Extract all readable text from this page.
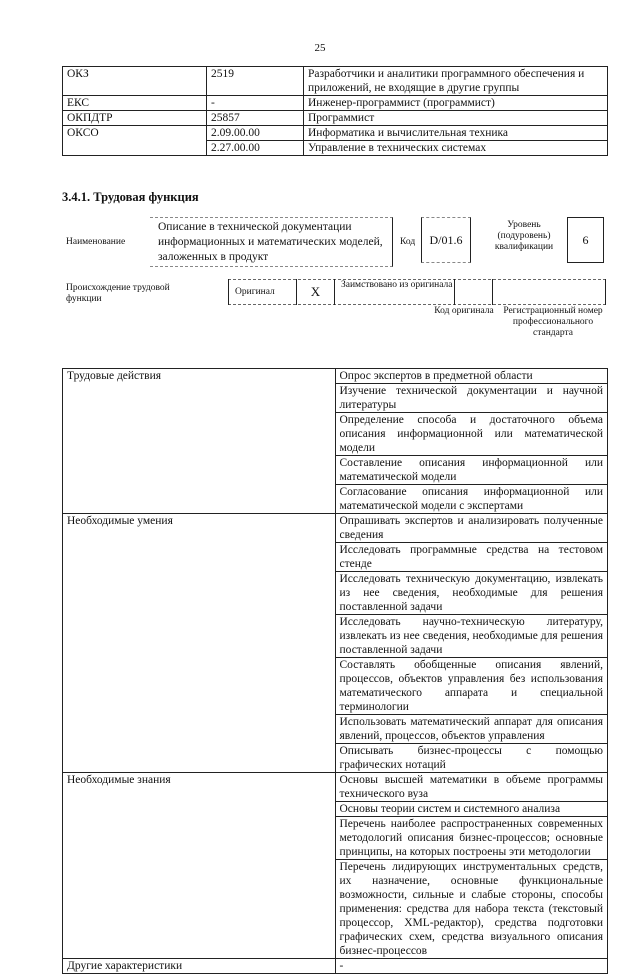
25
ОКЗ	2519	Разработчики и аналитики программного обеспечения и приложений, не входящие в другие группы
ЕКС	-	Инженер-программист (программист)
ОКПДТР	25857	Программист
ОКСО	2.09.00.00	Информатика и вычислительная техника
	2.27.00.00	Управление в технических системах
3.4.1. Трудовая функция
Наименование
Описание в технической документации информационных и математических моделей, заложенных в продукт
Код	D/01.6
Уровень (подуровень) квалификации
6
Происхождение трудовой функции
Оригинал	X	Заимствовано из оригинала
Код оригинала	Регистрационный номер профессионального стандарта
Трудовые действия	Опрос экспертов в предметной области
	Изучение технической документации и научной литературы
	Определение способа и достаточного объема описания информационной или математической модели
	Составление описания информационной или математической модели
	Согласование описания информационной или математической модели с экспертами
Необходимые умения	Опрашивать экспертов и анализировать полученные сведения
	Исследовать программные средства на тестовом стенде
	Исследовать техническую документацию, извлекать из нее сведения, необходимые для решения поставленной задачи
	Исследовать научно-техническую литературу, извлекать из нее сведения, необходимые для решения поставленной задачи
	Составлять обобщенные описания явлений, процессов, объектов управления без использования математического аппарата и специальной терминологии
	Использовать математический аппарат для описания явлений, процессов, объектов управления
	Описывать бизнес-процессы с помощью графических нотаций
Необходимые знания	Основы высшей математики в объеме программы технического вуза
	Основы теории систем и системного анализа
	Перечень наиболее распространенных современных методологий описания бизнес-процессов; основные принципы, на которых построены эти методологии
	Перечень лидирующих инструментальных средств, их назначение, основные функциональные возможности, сильные и слабые стороны, способы применения: средства для набора текста (текстовый процессор, XML-редактор), средства подготовки графических схем, средства визуального описания бизнес-процессов
Другие характеристики	-
